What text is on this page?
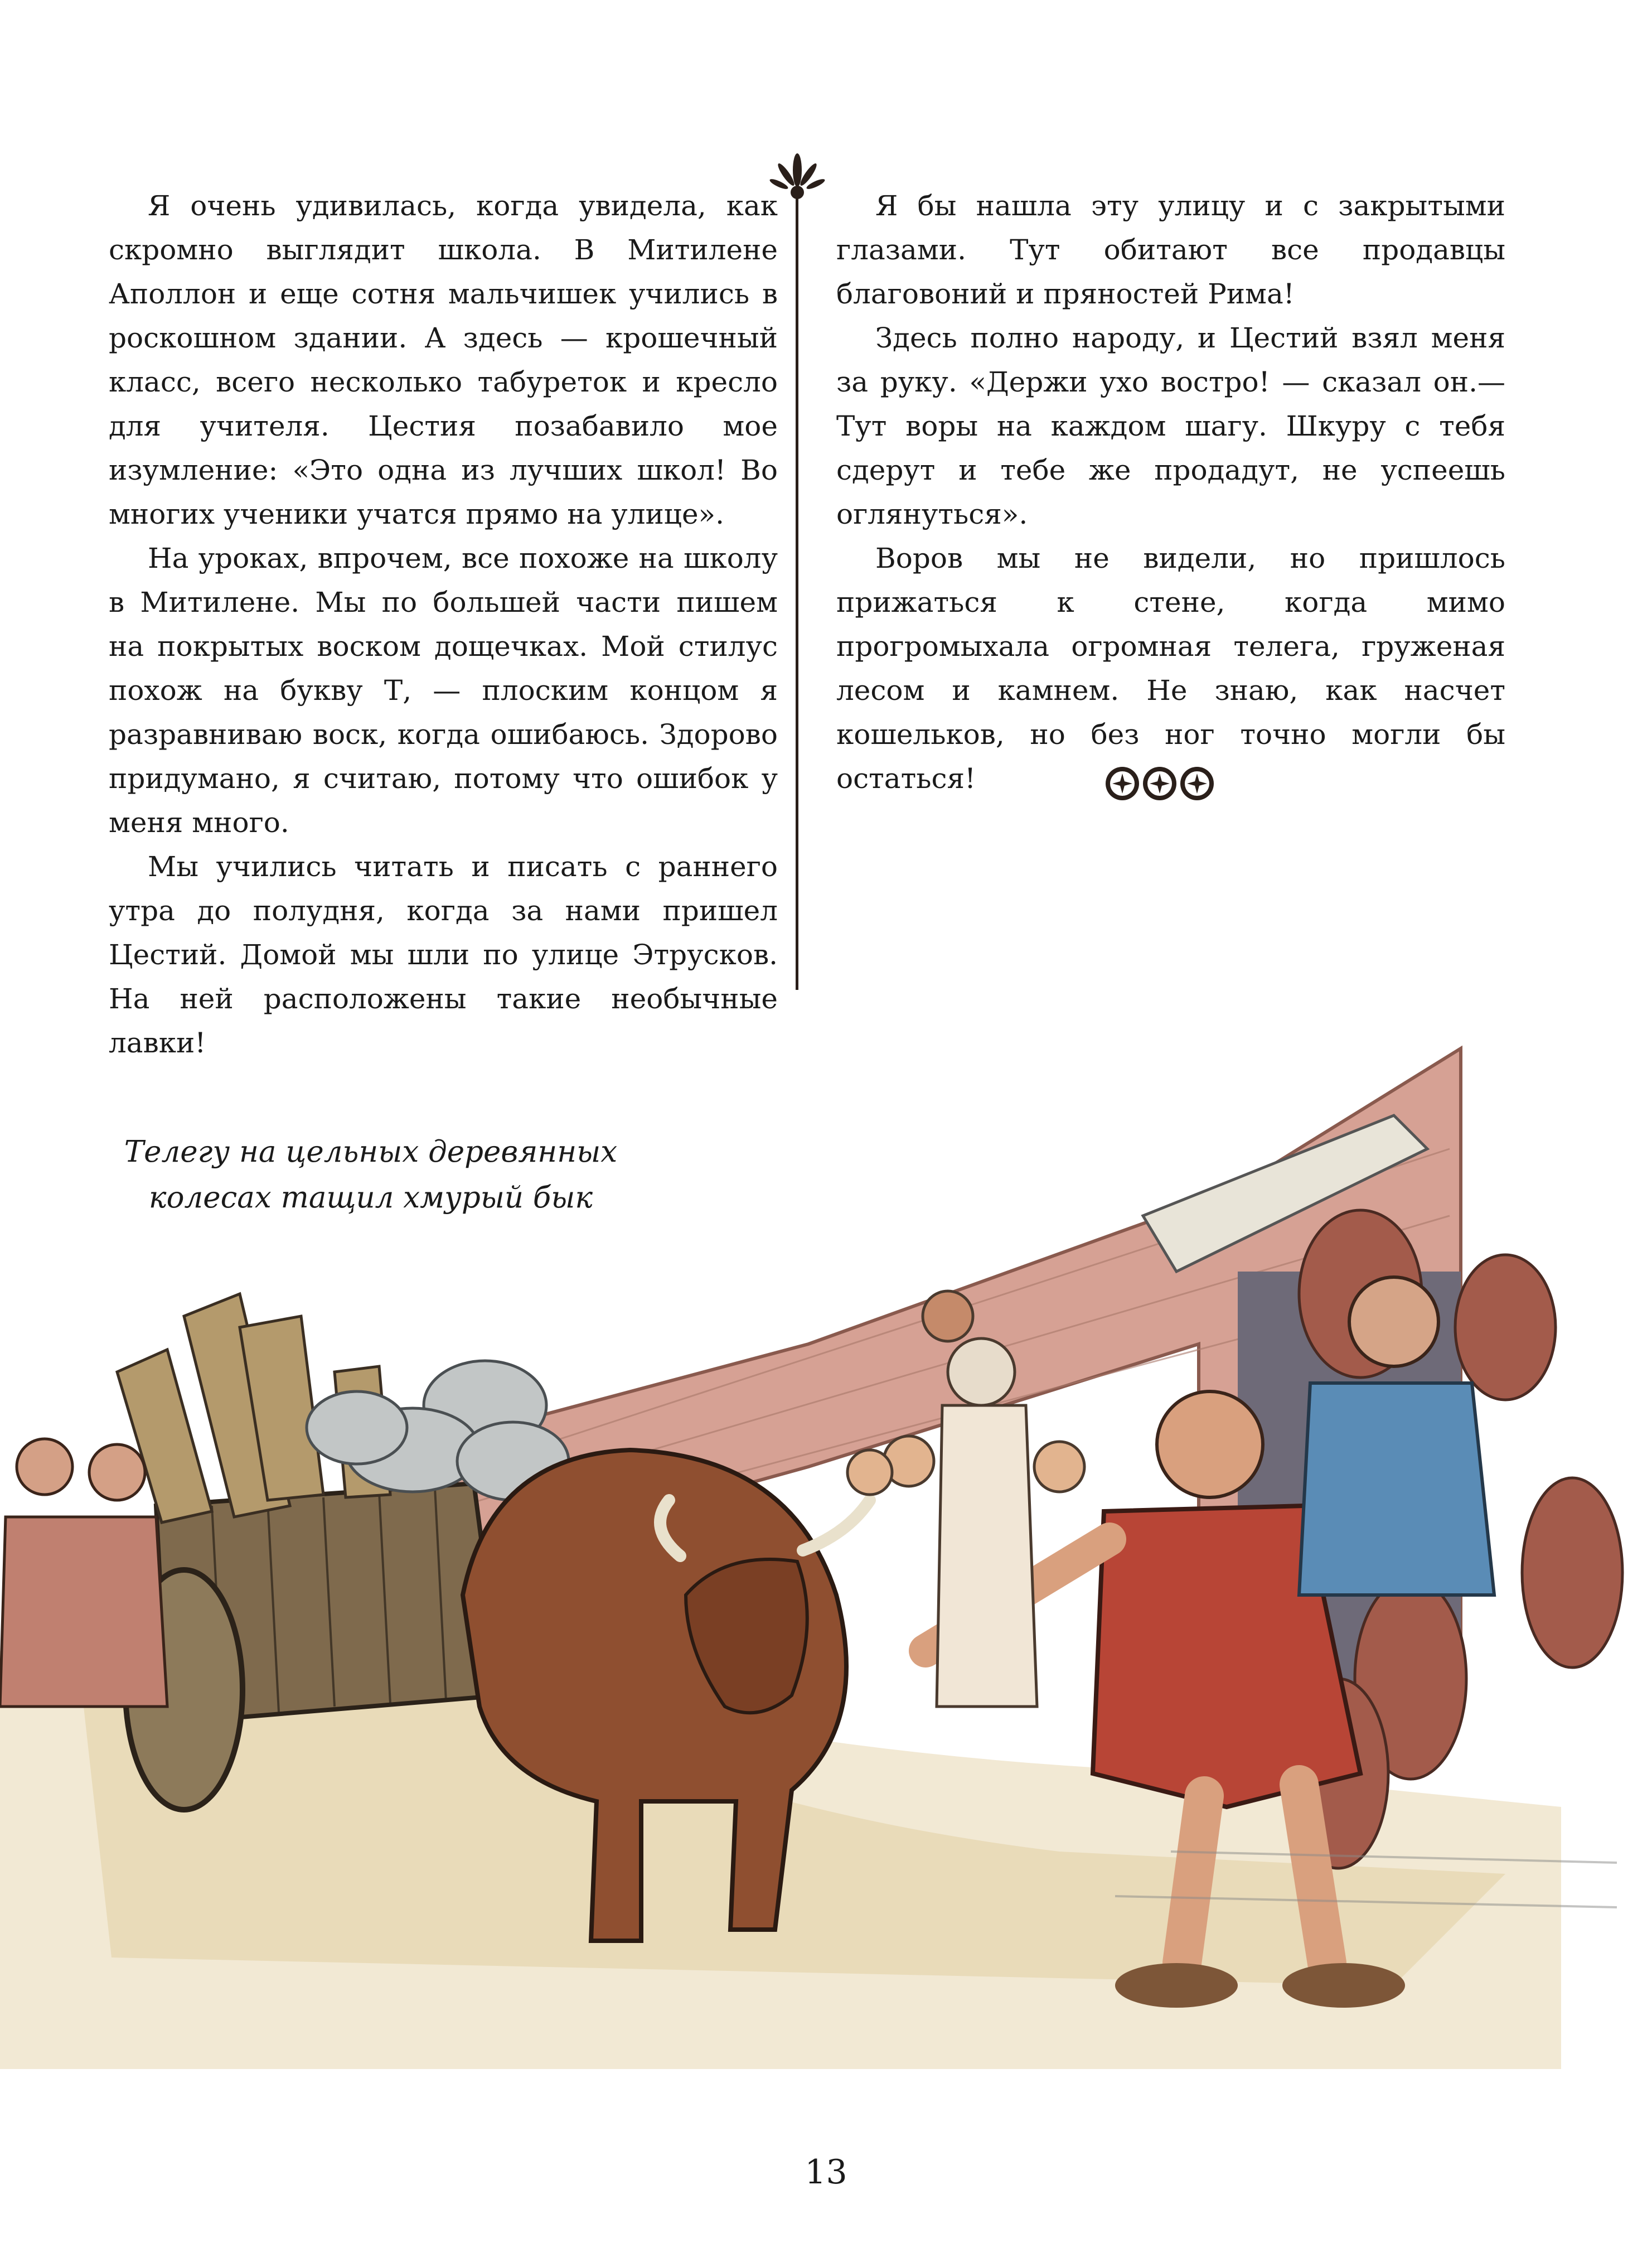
Я очень удивилась, когда увидела, как скромно выглядит школа. В Митилене Аполлон и еще сотня мальчишек учились в роскошном здании. А здесь — крошечный класс, всего несколько табуреток и кресло для учителя. Цестия позабавило мое изумление: «Это одна из лучших школ! Во многих ученики учатся прямо на улице».

На уроках, впрочем, все похоже на школу в Митилене. Мы по большей части пишем на покрытых воском дощечках. Мой стилус похож на букву Т, — плоским концом я разравниваю воск, когда ошибаюсь. Здорово придумано, я считаю, потому что ошибок у меня много.

Мы учились читать и писать с раннего утра до полудня, когда за нами пришел Цестий. Домой мы шли по улице Этрусков. На ней расположены такие необычные лавки!

Я бы нашла эту улицу и с закрытыми глазами. Тут обитают все продавцы благовоний и пряностей Рима!

Здесь полно народу, и Цестий взял меня за руку. «Держи ухо востро! — сказал он.— Тут воры на каждом шагу. Шкуру с тебя сдерут и тебе же продадут, не успеешь оглянуться».

Воров мы не видели, но пришлось прижаться к стене, когда мимо прогромыхала огромная телега, груженая лесом и камнем. Не знаю, как насчет кошельков, но без ног точно могли бы остаться!

Телегу на цельных деревянных
колесах тащил хмурый бык
13
